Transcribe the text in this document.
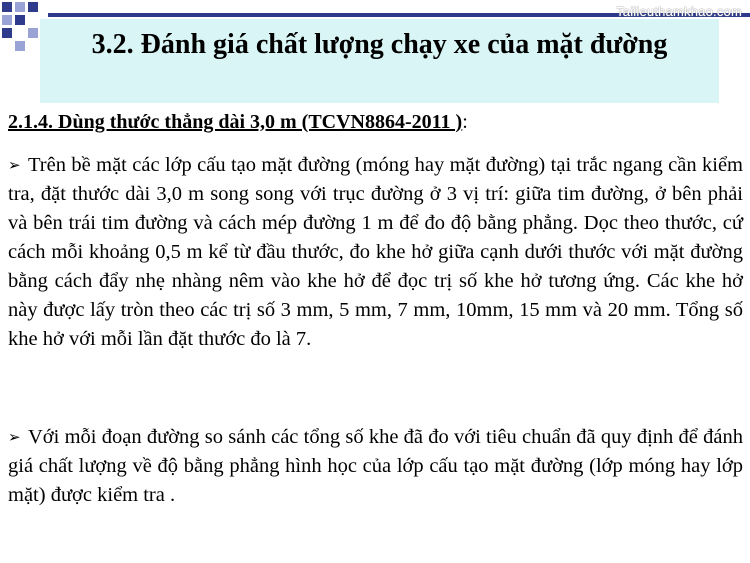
Tailieuthamkhao.com
3.2. Đánh giá chất lượng chạy xe của mặt đường

2.1.4. Dùng thước thẳng dài 3,0 m (TCVN8864-2011 ):

➢ Trên bề mặt các lớp cấu tạo mặt đường (móng hay mặt đường) tại trắc ngang cần kiểm tra, đặt thước dài 3,0 m song song với trục đường ở 3 vị trí: giữa tim đường, ở bên phải và bên trái tim đường và cách mép đường 1 m để đo độ bằng phẳng. Dọc theo thước, cứ cách mỗi khoảng 0,5 m kể từ đầu thước, đo khe hở giữa cạnh dưới thước với mặt đường bằng cách đẩy nhẹ nhàng nêm vào khe hở để đọc trị số khe hở tương ứng. Các khe hở này được lấy tròn theo các trị số 3 mm, 5 mm, 7 mm, 10mm, 15 mm và 20 mm. Tổng số khe hở với mỗi lần đặt thước đo là 7.

➢ Với mỗi đoạn đường so sánh các tổng số khe đã đo với tiêu chuẩn đã quy định để đánh giá chất lượng về độ bằng phẳng hình học của lớp cấu tạo mặt đường (lớp móng hay lớp mặt) được kiểm tra .
